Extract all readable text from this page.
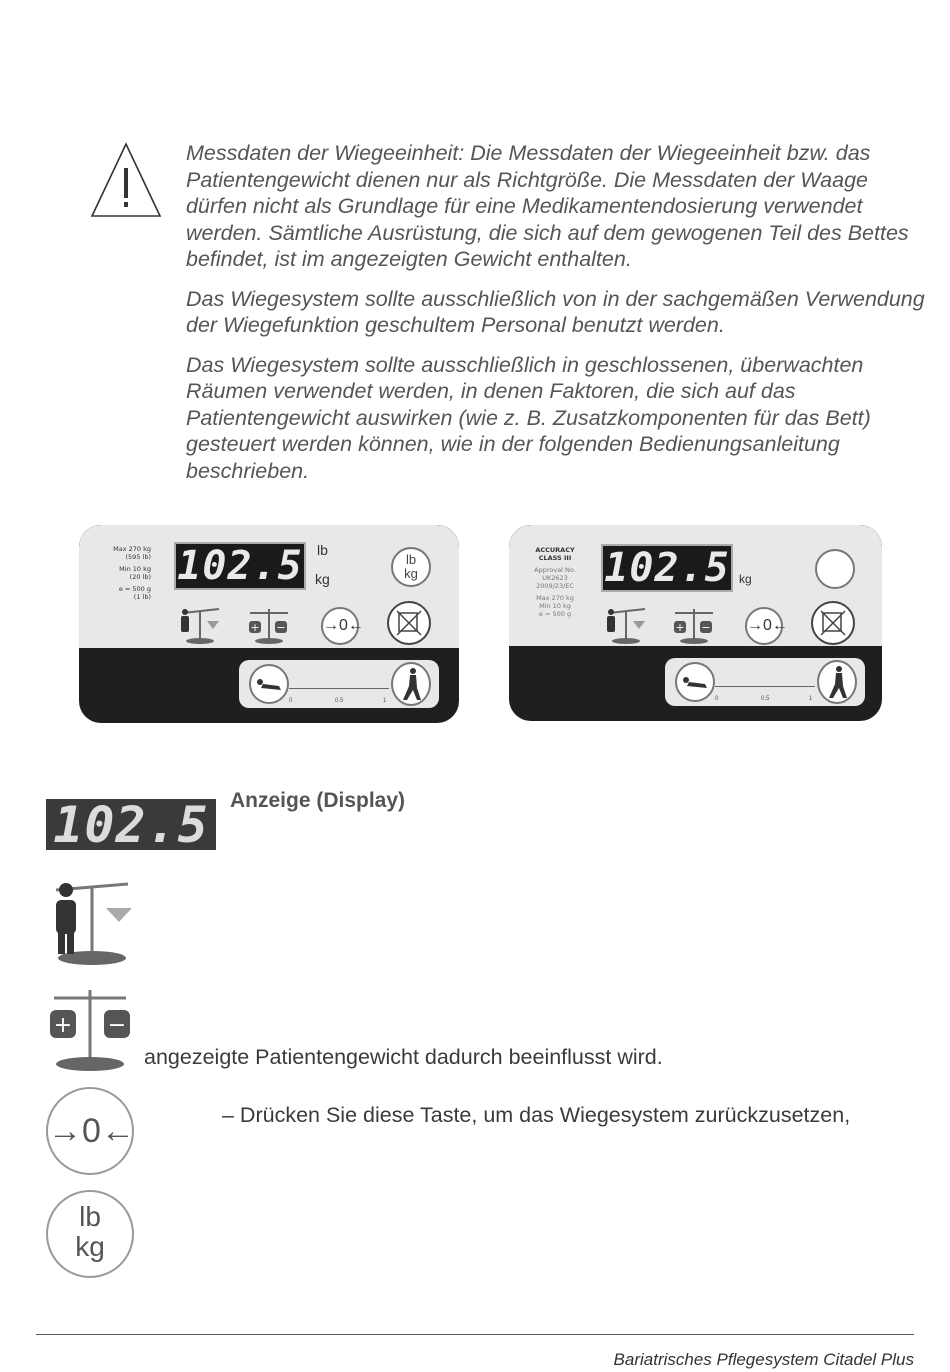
Messdaten der Wiegeeinheit: Die Messdaten der Wiegeeinheit bzw. das Patientengewicht dienen nur als Richtgröße. Die Messdaten der Waage dürfen nicht als Grundlage für eine Medikamentendosierung verwendet werden. Sämtliche Ausrüstung, die sich auf dem gewogenen Teil des Bettes befindet, ist im angezeigten Gewicht enthalten.

Das Wiegesystem sollte ausschließlich von in der sachgemäßen Verwendung der Wiegefunktion geschultem Personal benutzt werden.

Das Wiegesystem sollte ausschließlich in geschlossenen, überwachten Räumen verwendet werden, in denen Faktoren, die sich auf das Patientengewicht auswirken (wie z. B. Zusatzkomponenten für das Bett) gesteuert werden können, wie in der folgenden Bedienungsanleitung beschrieben.

Max 270 kg
(595 lb)
Min 10 kg
(20 lb)
e = 500 g
(1 lb)
102.5 lb
kg
lb
kg
+ − →0←
0	0.5	1
ACCURACY
CLASS III
Approval No.
UK2623
2009/23/EC
Max 270 kg
Min 10 kg
e = 500 g
102.5 kg
+ − →0←
0	0.5	1
102.5	Anzeige (Display)
+ −
angezeigte Patientengewicht dadurch beeinflusst wird.
→0←	– Drücken Sie diese Taste, um das Wiegesystem zurückzusetzen,
lb
kg
Bariatrisches Pflegesystem Citadel Plus
